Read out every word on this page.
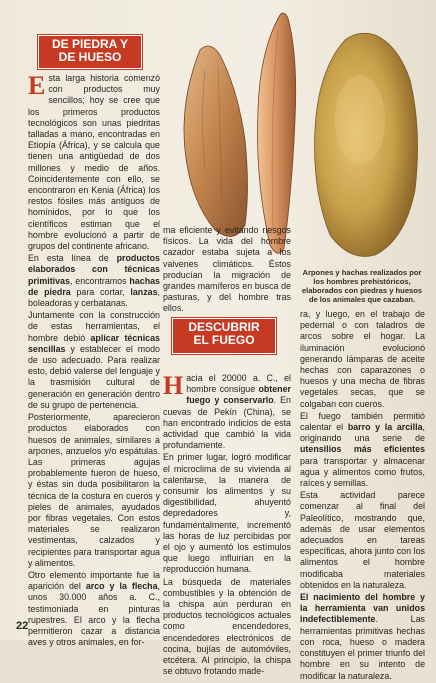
DE PIEDRA Y
DE HUESO

Esta larga historia comenzó con productos muy sencillos; hoy se cree que los primeros productos tecnológicos son unas piedritas talladas a mano, encontradas en Etiopía (África), y se calcula que tienen una antigüedad de dos millones y medio de años. Coincidentemente con ello, se encontraron en Kenia (África) los restos fósiles más antiguos de homínidos, por lo que los científicos estiman que el hombre evolucionó a partir de grupos del continente africano.

En esta línea de productos elaborados con técnicas primitivas, encontramos hachas de piedra para cortar, lanzas, boleadoras y cerbatanas.

Juntamente con la construcción de estas herramientas, el hombre debió aplicar técnicas sencillas y establecer el modo de uso adecuado. Para realizar esto, debió valerse del lenguaje y la trasmisión cultural de generación en generación dentro de su grupo de pertenencia.

Posteriormente, aparecieron productos elaborados con huesos de animales, similares a arpones, anzuelos y/o espátulas. Las primeras agujas probablemente fueron de hueso, y éstas sin duda posibilitaron la técnica de la costura en cueros y pieles de animales, ayudados por fibras vegetales. Con estos materiales se realizaron vestimentas, calzados y recipientes para transportar agua y alimentos.

Otro elemento importante fue la aparición del arco y la flecha, unos 30.000 años a. C., testimoniada en pinturas rupestres. El arco y la flecha permitieron cazar a distancia aves y otros animales, en for-

ma eficiente y evitando riesgos físicos. La vida del hombre cazador estaba sujeta a los vaivenes climáticos. Éstos producían la migración de grandes mamíferos en busca de pasturas, y del hombre tras ellos.

DESCUBRIR
EL FUEGO

Hacia el 20000 a. C., el hombre consigue obtener fuego y conservarlo. En cuevas de Pekín (China), se han encontrado indicios de esta actividad que cambió la vida profundamente.

En primer lugar, logró modificar el microclima de su vivienda al calentarse, la manera de consumir los alimentos y su digestibilidad, ahuyentó depredadores y, fundamentalmente, incrementó las horas de luz percibidas por el ojo y aumentó los estímulos que luego influirían en la reproducción humana.

La búsqueda de materiales combustibles y la obtención de la chispa aún perduran en productos tecnológicos actuales como encendedores, encendedores electrónicos de cocina, bujías de automóviles, etcétera. Al principio, la chispa se obtuvo frotando made-

Arpones y hachas realizados por los hombres prehistóricos, elaborados con piedras y huesos de los animales que cazaban.

ra, y luego, en el trabajo de pedernal o con taladros de arcos sobre el hogar. La iluminación evolucionó generando lámparas de aceite hechas con caparazones o huesos y una mecha de fibras vegetales secas, que se colgaban con cueros.

El fuego también permitió calentar el barro y la arcilla, originando una serie de utensilios más eficientes para transportar y almacenar agua y alimentos como frutos, raíces y semillas.

Esta actividad parece comenzar al final del Paleolítico, mostrando que, además de usar elementos adecuados en tareas específicas, ahora junto con los alimentos el hombre modificaba materiales obtenidos en la naturaleza.

El nacimiento del hombre y la herramienta van unidos indefectiblemente. Las herramientas primitivas hechas con roca, hueso o madera constituyen el primer triunfo del hombre en su intento de modificar la naturaleza.

22
